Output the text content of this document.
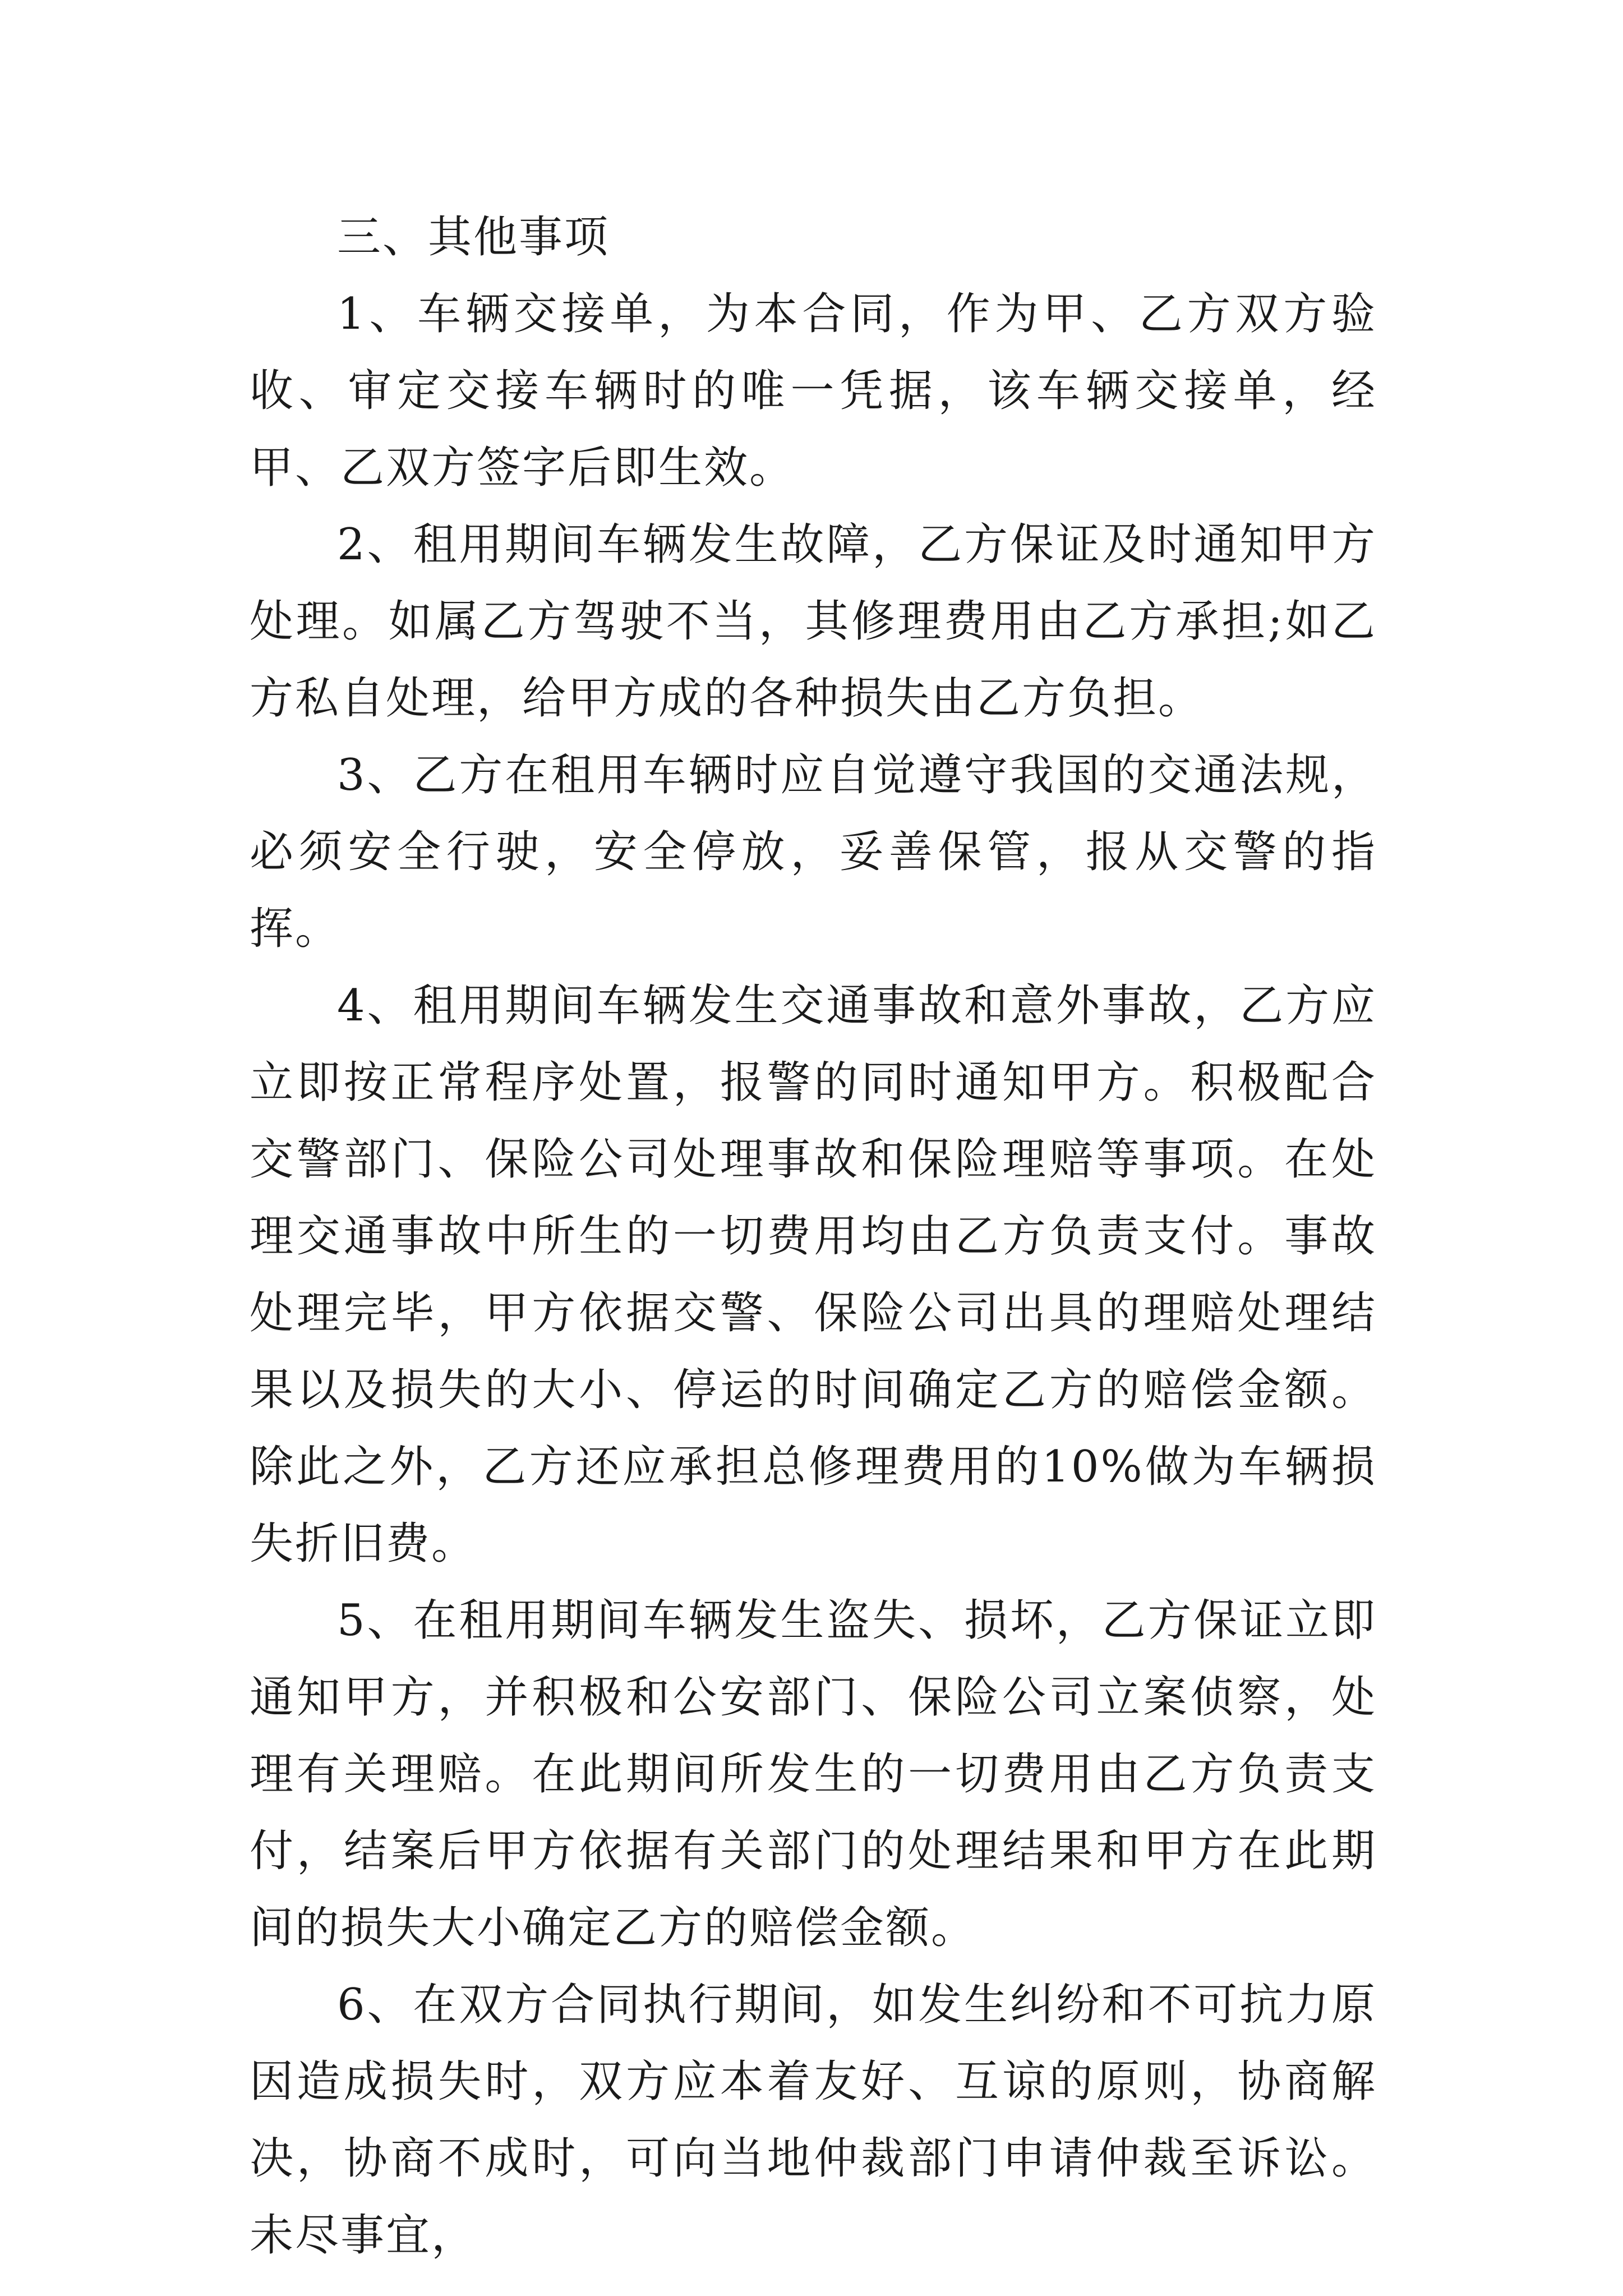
三、其他事项

1、车辆交接单，为本合同，作为甲、乙方双方验收、审定交接车辆时的唯一凭据，该车辆交接单，经甲、乙双方签字后即生效。

2、租用期间车辆发生故障，乙方保证及时通知甲方处理。如属乙方驾驶不当，其修理费用由乙方承担;如乙方私自处理，给甲方成的各种损失由乙方负担。

3、乙方在租用车辆时应自觉遵守我国的交通法规，必须安全行驶，安全停放，妥善保管，报从交警的指挥。

4、租用期间车辆发生交通事故和意外事故，乙方应立即按正常程序处置，报警的同时通知甲方。积极配合交警部门、保险公司处理事故和保险理赔等事项。在处理交通事故中所生的一切费用均由乙方负责支付。事故处理完毕，甲方依据交警、保险公司出具的理赔处理结果以及损失的大小、停运的时间确定乙方的赔偿金额。除此之外，乙方还应承担总修理费用的10%做为车辆损失折旧费。

5、在租用期间车辆发生盗失、损坏，乙方保证立即通知甲方，并积极和公安部门、保险公司立案侦察，处理有关理赔。在此期间所发生的一切费用由乙方负责支付，结案后甲方依据有关部门的处理结果和甲方在此期间的损失大小确定乙方的赔偿金额。

6、在双方合同执行期间，如发生纠纷和不可抗力原因造成损失时，双方应本着友好、互谅的原则，协商解决，协商不成时，可向当地仲裁部门申请仲裁至诉讼。未尽事宜，
